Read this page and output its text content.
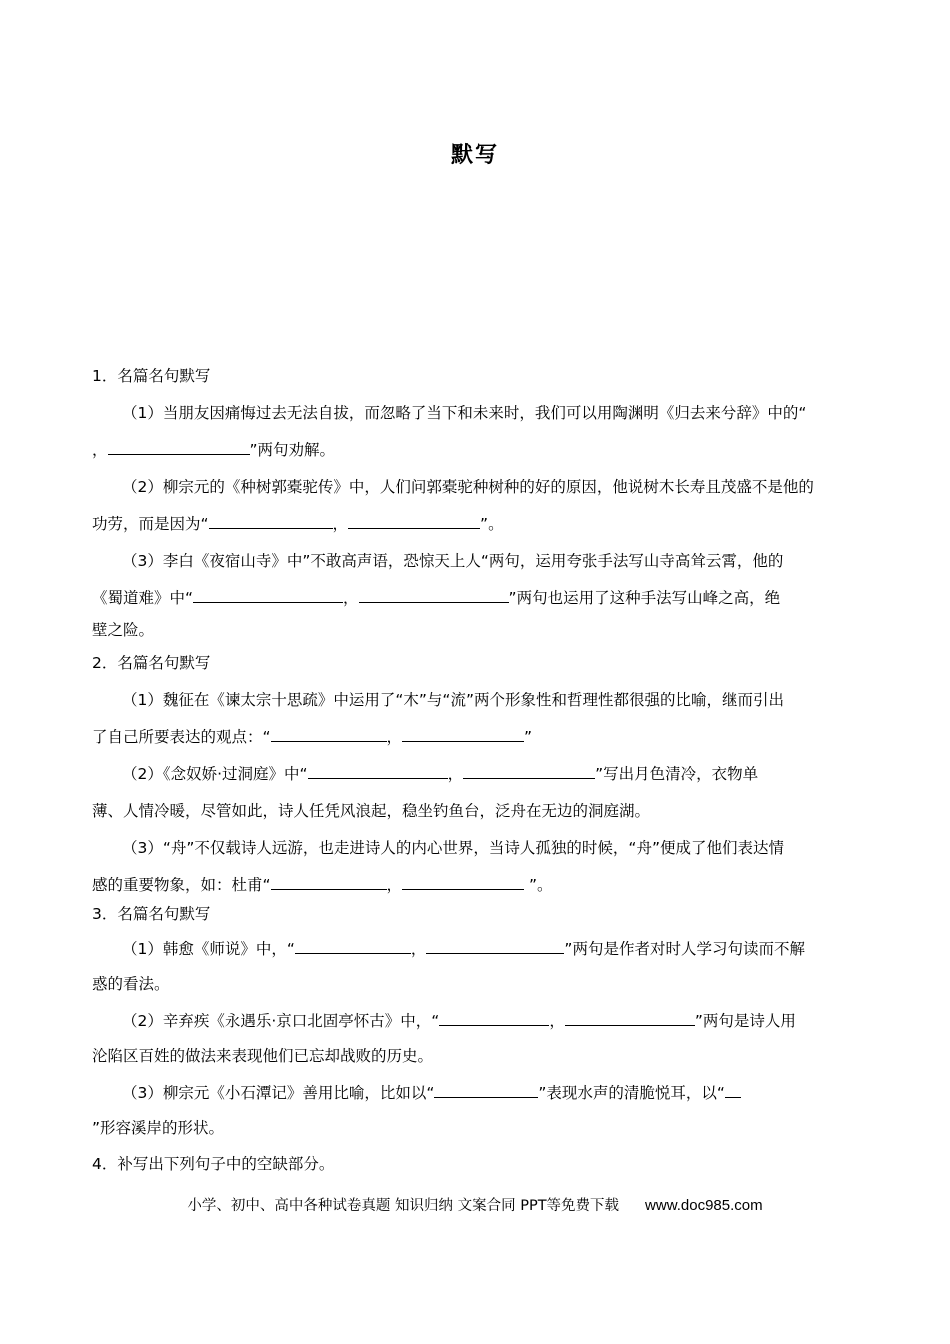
默写
1．名篇名句默写
（1）当朋友因痛悔过去无法自拔，而忽略了当下和未来时，我们可以用陶渊明《归去来兮辞》中的“
，	”两句劝解。
（2）柳宗元的《种树郭橐驼传》中，人们问郭橐驼种树种的好的原因，他说树木长寿且茂盛不是他的
功劳，而是因为“	，	”。
（3）李白《夜宿山寺》中”不敢高声语，恐惊天上人“两句，运用夸张手法写山寺高耸云霄，他的
《蜀道难》中“	，	”两句也运用了这种手法写山峰之高，绝
壁之险。
2．名篇名句默写
（1）魏征在《谏太宗十思疏》中运用了“木”与“流”两个形象性和哲理性都很强的比喻，继而引出
了自己所要表达的观点：“	，	”
（2）《念奴娇·过洞庭》中“	，	”写出月色清冷，衣物单
薄、人情冷暖，尽管如此，诗人任凭风浪起，稳坐钓鱼台，泛舟在无边的洞庭湖。
（3）“舟”不仅载诗人远游，也走进诗人的内心世界，当诗人孤独的时候，“舟”便成了他们表达情
感的重要物象，如：杜甫“	，	”。
3．名篇名句默写
（1）韩愈《师说》中，“	，	”两句是作者对时人学习句读而不解
惑的看法。
（2）辛弃疾《永遇乐·京口北固亭怀古》中，“	，	”两句是诗人用
沦陷区百姓的做法来表现他们已忘却战败的历史。
（3）柳宗元《小石潭记》善用比喻，比如以“	”表现水声的清脆悦耳，以“
”形容溪岸的形状。
4．补写出下列句子中的空缺部分。
小学、初中、高中各种试卷真题 知识归纳 文案合同 PPT等免费下载 www.doc985.com
